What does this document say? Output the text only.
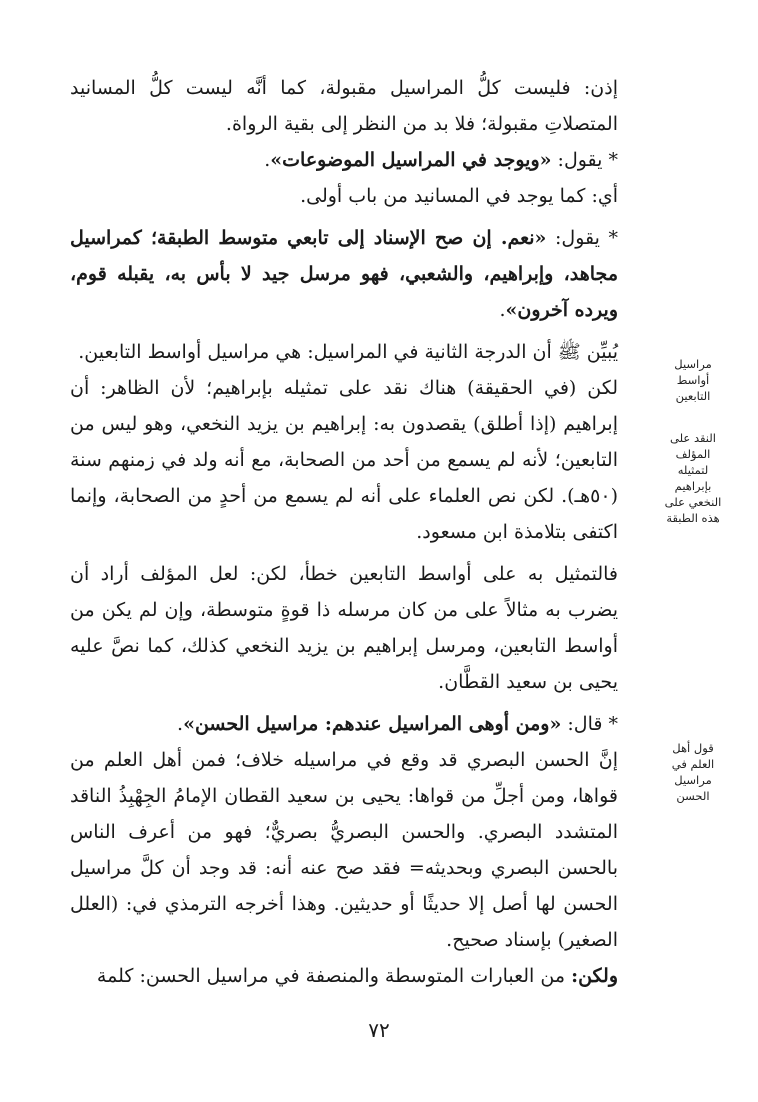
إذن: فليست كلُّ المراسيل مقبولة، كما أنَّه ليست كلُّ المسانيد المتصلاتِ مقبولة؛ فلا بد من النظر إلى بقية الرواة.

* يقول: «ويوجد في المراسيل الموضوعات».

أي: كما يوجد في المسانيد من باب أولى.

* يقول: «نعم. إن صح الإسناد إلى تابعي متوسط الطبقة؛ كمراسيل مجاهد، وإبراهيم، والشعبي، فهو مرسل جيد لا بأس به، يقبله قوم، ويرده آخرون».

يُبيِّن ﷺ أن الدرجة الثانية في المراسيل: هي مراسيل أواسط التابعين.

لكن (في الحقيقة) هناك نقد على تمثيله بإبراهيم؛ لأن الظاهر: أن إبراهيم (إذا أطلق) يقصدون به: إبراهيم بن يزيد النخعي، وهو ليس من التابعين؛ لأنه لم يسمع من أحد من الصحابة، مع أنه ولد في زمنهم سنة (٥٠هـ). لكن نص العلماء على أنه لم يسمع من أحدٍ من الصحابة، وإنما اكتفى بتلامذة ابن مسعود.

فالتمثيل به على أواسط التابعين خطأ، لكن: لعل المؤلف أراد أن يضرب به مثالاً على من كان مرسله ذا قوةٍ متوسطة، وإن لم يكن من أواسط التابعين، ومرسل إبراهيم بن يزيد النخعي كذلك، كما نصَّ عليه يحيى بن سعيد القطَّان.

* قال: «ومن أوهى المراسيل عندهم: مراسيل الحسن».

إنَّ الحسن البصري قد وقع في مراسيله خلاف؛ فمن أهل العلم من قواها، ومن أجلِّ من قواها: يحيى بن سعيد القطان الإمامُ الجِهْبِذُ الناقد المتشدد البصري. والحسن البصريُّ بصريٌّ؛ فهو من أعرف الناس بالحسن البصري وبحديثه= فقد صح عنه أنه: قد وجد أن كلَّ مراسيل الحسن لها أصل إلا حديثًا أو حديثين. وهذا أخرجه الترمذي في: (العلل الصغير) بإسناد صحيح.

ولكن: من العبارات المتوسطة والمنصفة في مراسيل الحسن: كلمة

مراسيل أواسط التابعين
النقد على المؤلف لتمثيله بإبراهيم النخعي على هذه الطبقة
قول أهل العلم في مراسيل الحسن
٧٢
